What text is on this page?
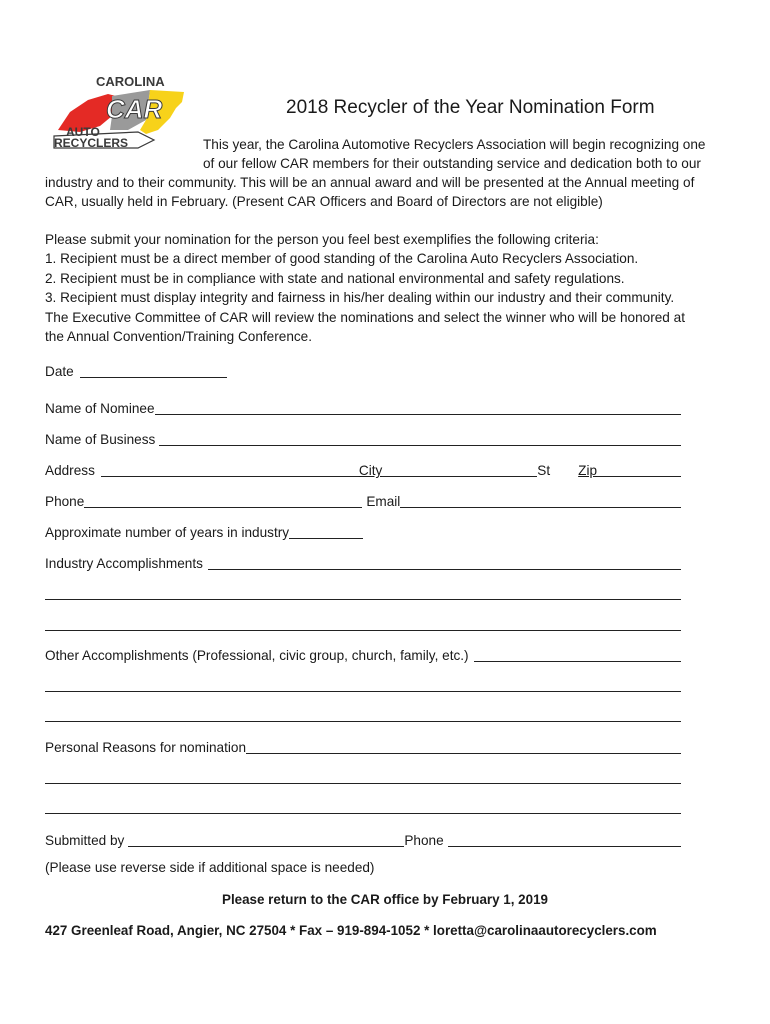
CAROLINA
CAR
AUTO
RECYCLERS
2018 Recycler of the Year Nomination Form
This year, the Carolina Automotive Recyclers Association will begin recognizing one
of our fellow CAR members for their outstanding service and dedication both to our
industry and to their community. This will be an annual award and will be presented at the Annual meeting of
CAR, usually held in February. (Present CAR Officers and Board of Directors are not eligible)
Please submit your nomination for the person you feel best exemplifies the following criteria:
1. Recipient must be a direct member of good standing of the Carolina Auto Recyclers Association.
2. Recipient must be in compliance with state and national environmental and safety regulations.
3. Recipient must display integrity and fairness in his/her dealing within our industry and their community.
The Executive Committee of CAR will review the nominations and select the winner who will be honored at
the Annual Convention/Training Conference.
Date
Name of Nominee
Name of Business
Address	City	St Zip
Phone	Email
Approximate number of years in industry
Industry Accomplishments
Other Accomplishments (Professional, civic group, church, family, etc.)
Personal Reasons for nomination
Submitted by	Phone
(Please use reverse side if additional space is needed)
Please return to the CAR office by February 1, 2019
427 Greenleaf Road, Angier, NC 27504 * Fax – 919-894-1052 * loretta@carolinaautorecyclers.com
